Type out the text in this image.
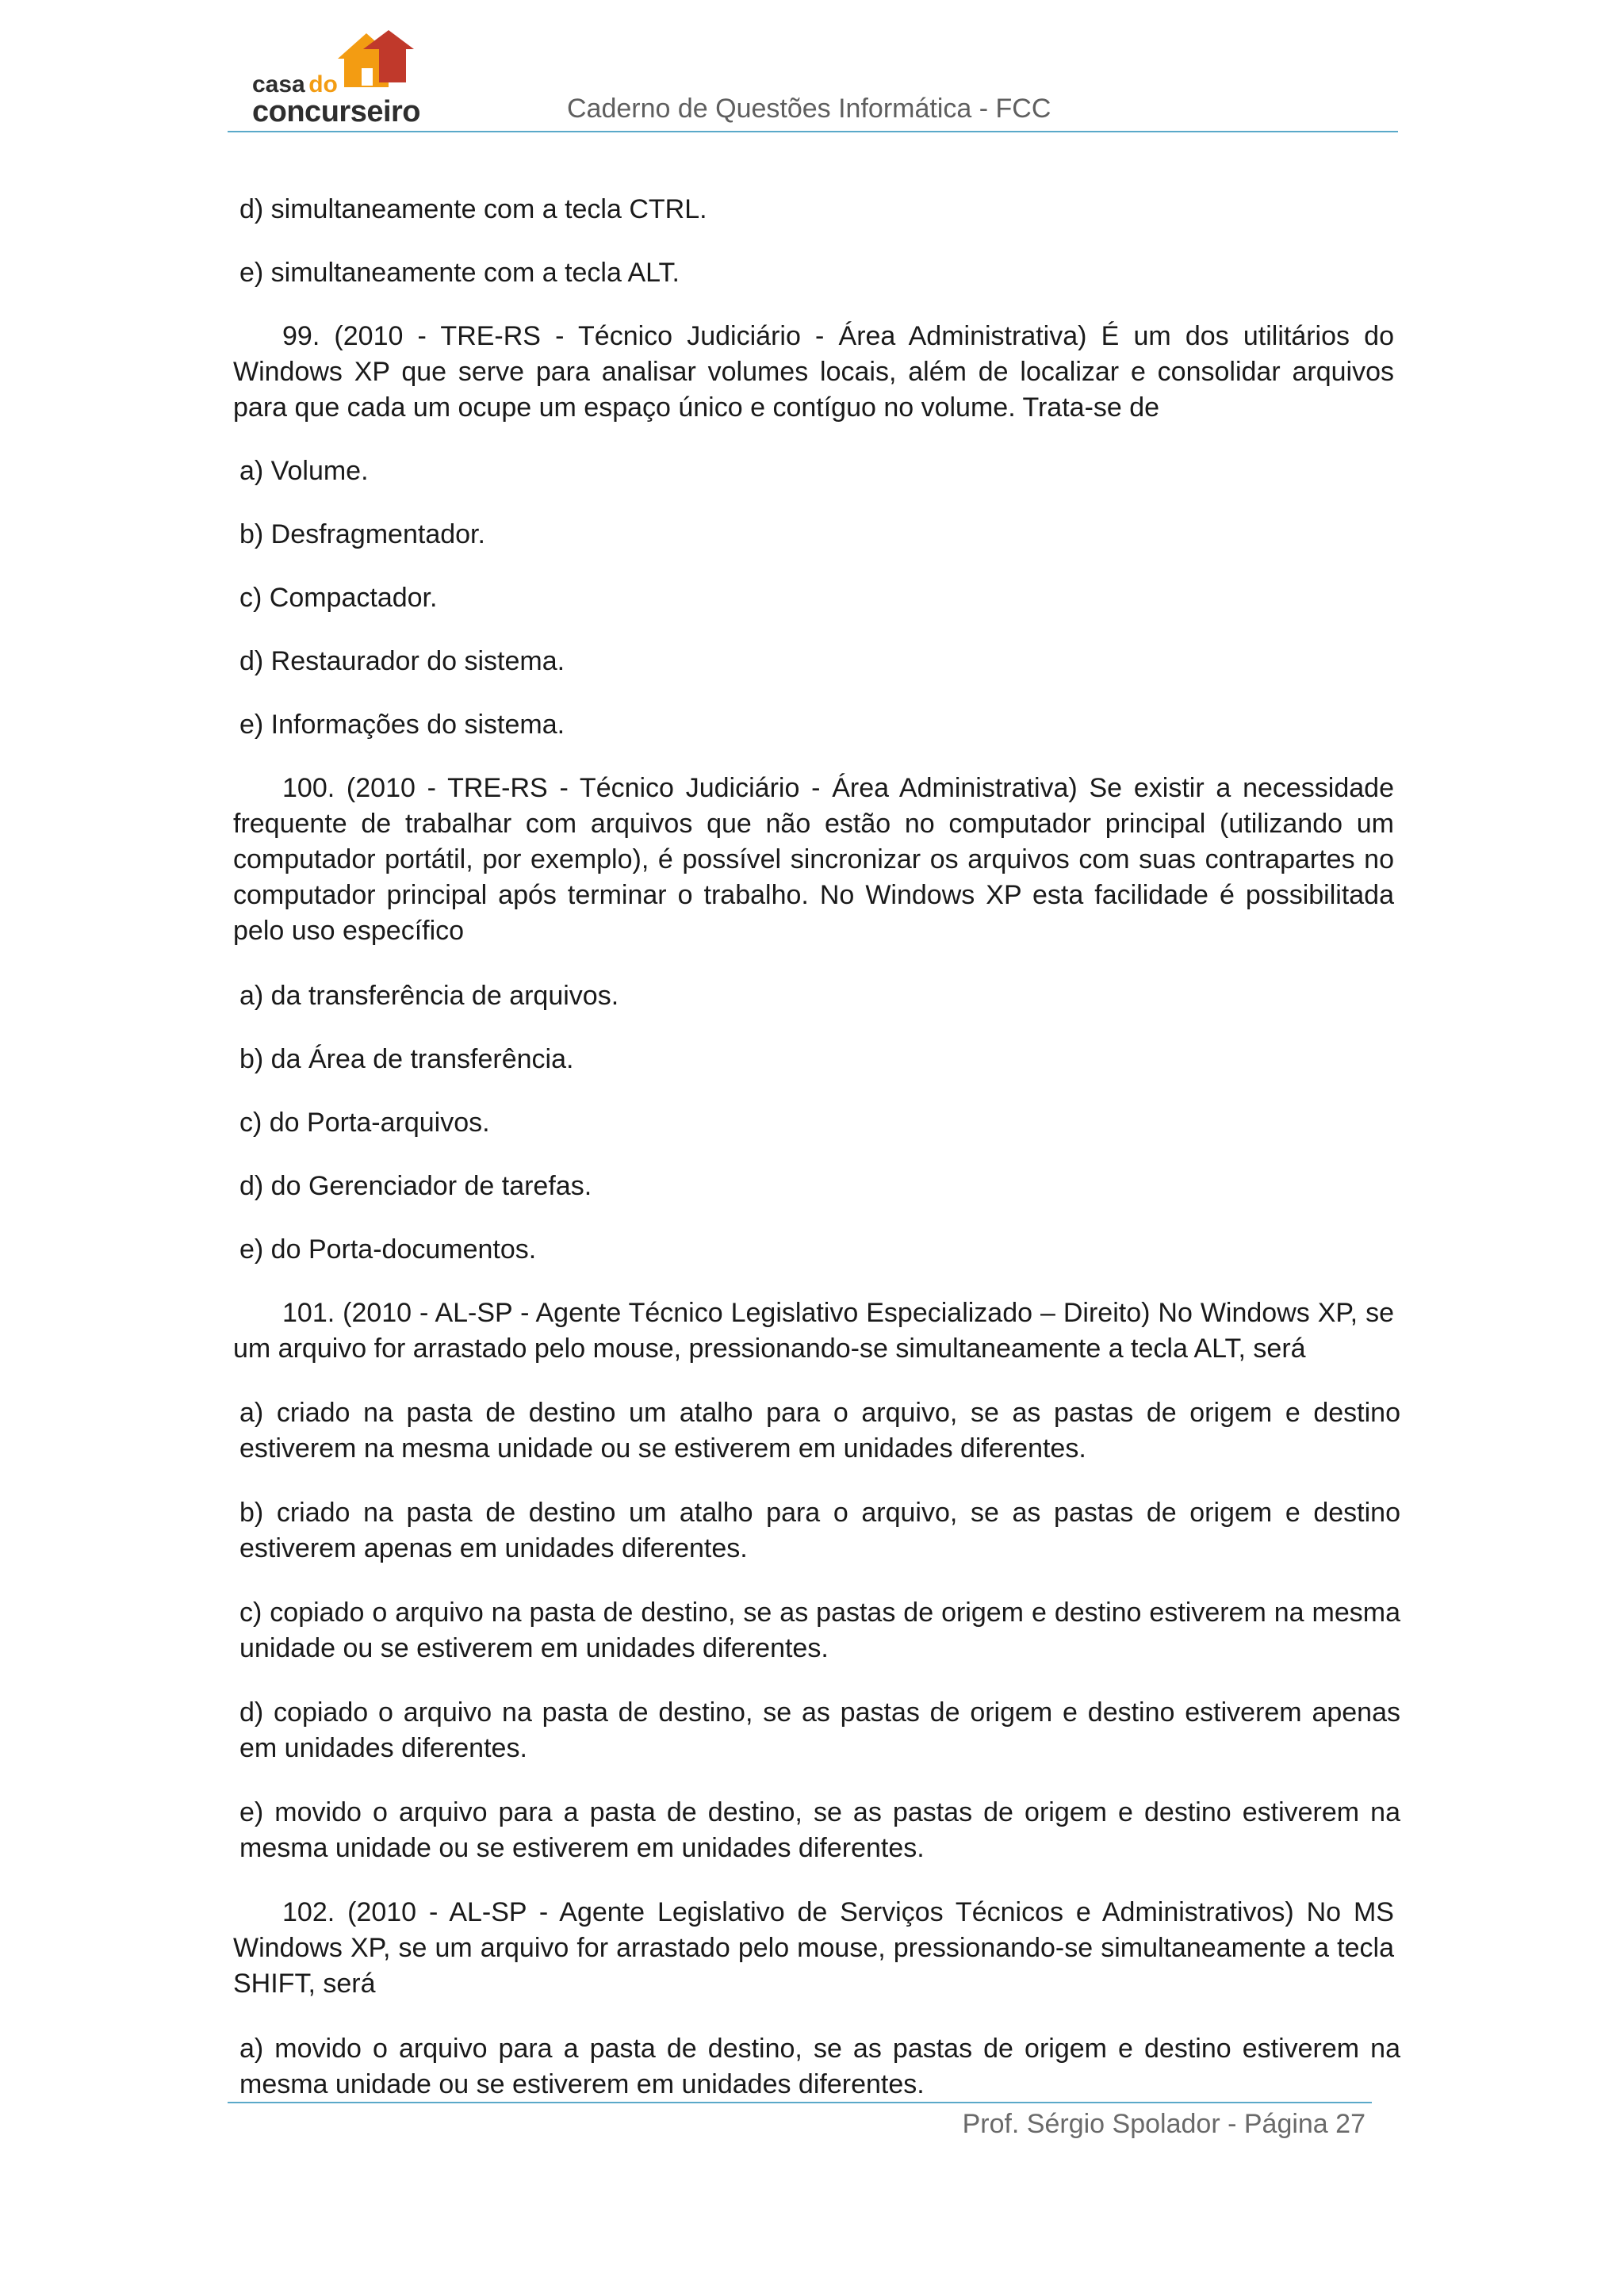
casa do
concurseiro	Caderno de Questões Informática - FCC

d) simultaneamente com a tecla CTRL.

e) simultaneamente com a tecla ALT.

99. (2010 - TRE-RS - Técnico Judiciário - Área Administrativa) É um dos utilitários do Windows XP que serve para analisar volumes locais, além de localizar e consolidar arquivos para que cada um ocupe um espaço único e contíguo no volume. Trata-se de

a) Volume.

b) Desfragmentador.

c) Compactador.

d) Restaurador do sistema.

e) Informações do sistema.

100. (2010 - TRE-RS - Técnico Judiciário - Área Administrativa) Se existir a necessidade frequente de trabalhar com arquivos que não estão no computador principal (utilizando um computador portátil, por exemplo), é possível sincronizar os arquivos com suas contrapartes no computador principal após terminar o trabalho. No Windows XP esta facilidade é possibilitada pelo uso específico

a) da transferência de arquivos.

b) da Área de transferência.

c) do Porta-arquivos.

d) do Gerenciador de tarefas.

e) do Porta-documentos.

101. (2010 - AL-SP - Agente Técnico Legislativo Especializado – Direito) No Windows XP, se um arquivo for arrastado pelo mouse, pressionando-se simultaneamente a tecla ALT, será

a) criado na pasta de destino um atalho para o arquivo, se as pastas de origem e destino estiverem na mesma unidade ou se estiverem em unidades diferentes.

b) criado na pasta de destino um atalho para o arquivo, se as pastas de origem e destino estiverem apenas em unidades diferentes.

c) copiado o arquivo na pasta de destino, se as pastas de origem e destino estiverem na mesma unidade ou se estiverem em unidades diferentes.

d) copiado o arquivo na pasta de destino, se as pastas de origem e destino estiverem apenas em unidades diferentes.

e) movido o arquivo para a pasta de destino, se as pastas de origem e destino estiverem na mesma unidade ou se estiverem em unidades diferentes.

102. (2010 - AL-SP - Agente Legislativo de Serviços Técnicos e Administrativos) No MS Windows XP, se um arquivo for arrastado pelo mouse, pressionando-se simultaneamente a tecla SHIFT, será

a) movido o arquivo para a pasta de destino, se as pastas de origem e destino estiverem na mesma unidade ou se estiverem em unidades diferentes.

Prof. Sérgio Spolador - Página 27
